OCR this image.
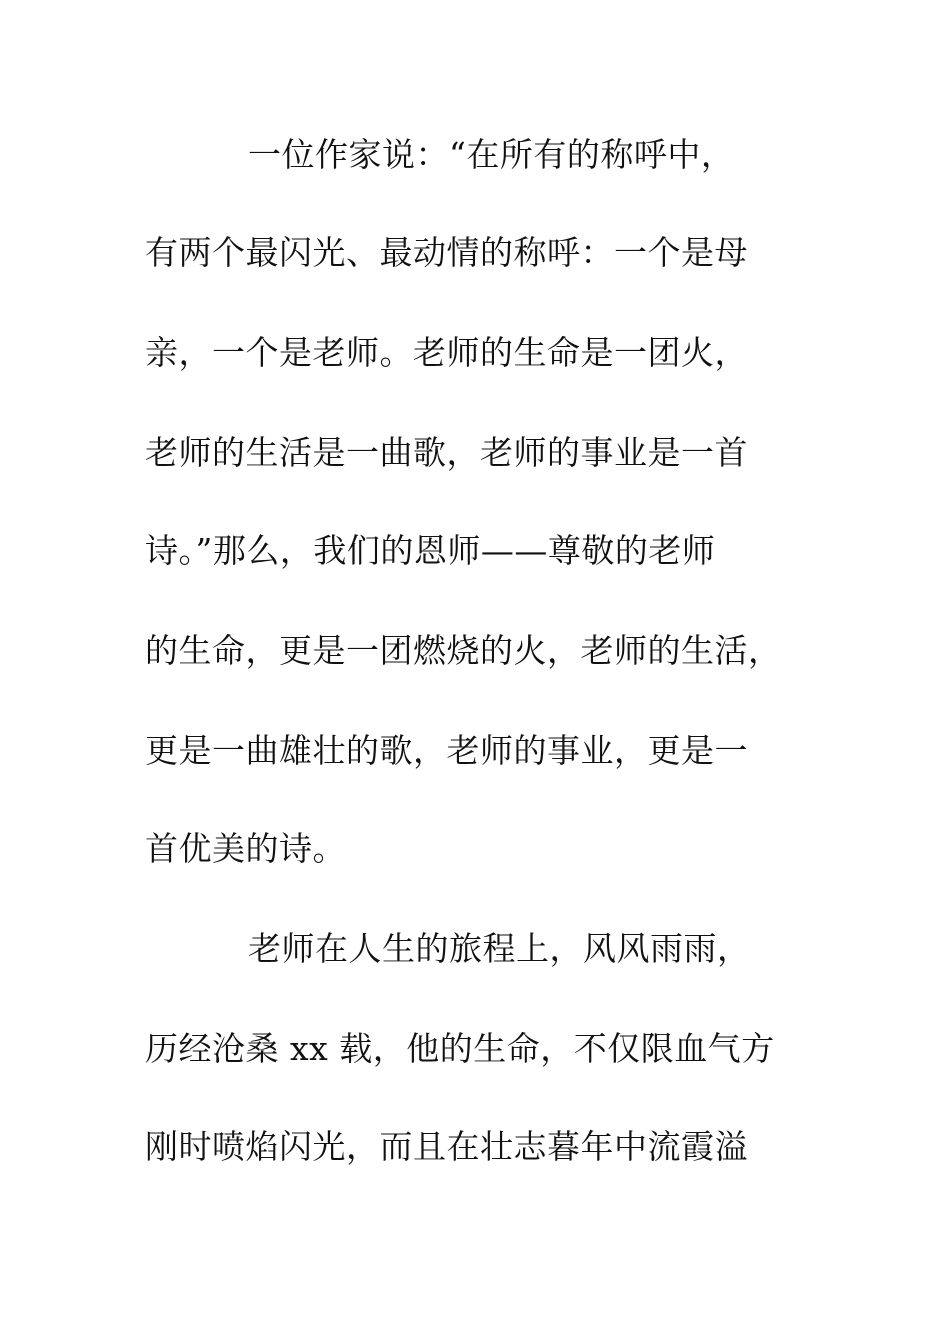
一位作家说：“在所有的称呼中，

有两个最闪光、最动情的称呼：一个是母

亲，一个是老师。老师的生命是一团火，

老师的生活是一曲歌，老师的事业是一首

诗。”那么，我们的恩师——尊敬的老师

的生命，更是一团燃烧的火，老师的生活，

更是一曲雄壮的歌，老师的事业，更是一

首优美的诗。

老师在人生的旅程上，风风雨雨，

历经沧桑 xx 载，他的生命，不仅限血气方

刚时喷焰闪光，而且在壮志暮年中流霞溢
